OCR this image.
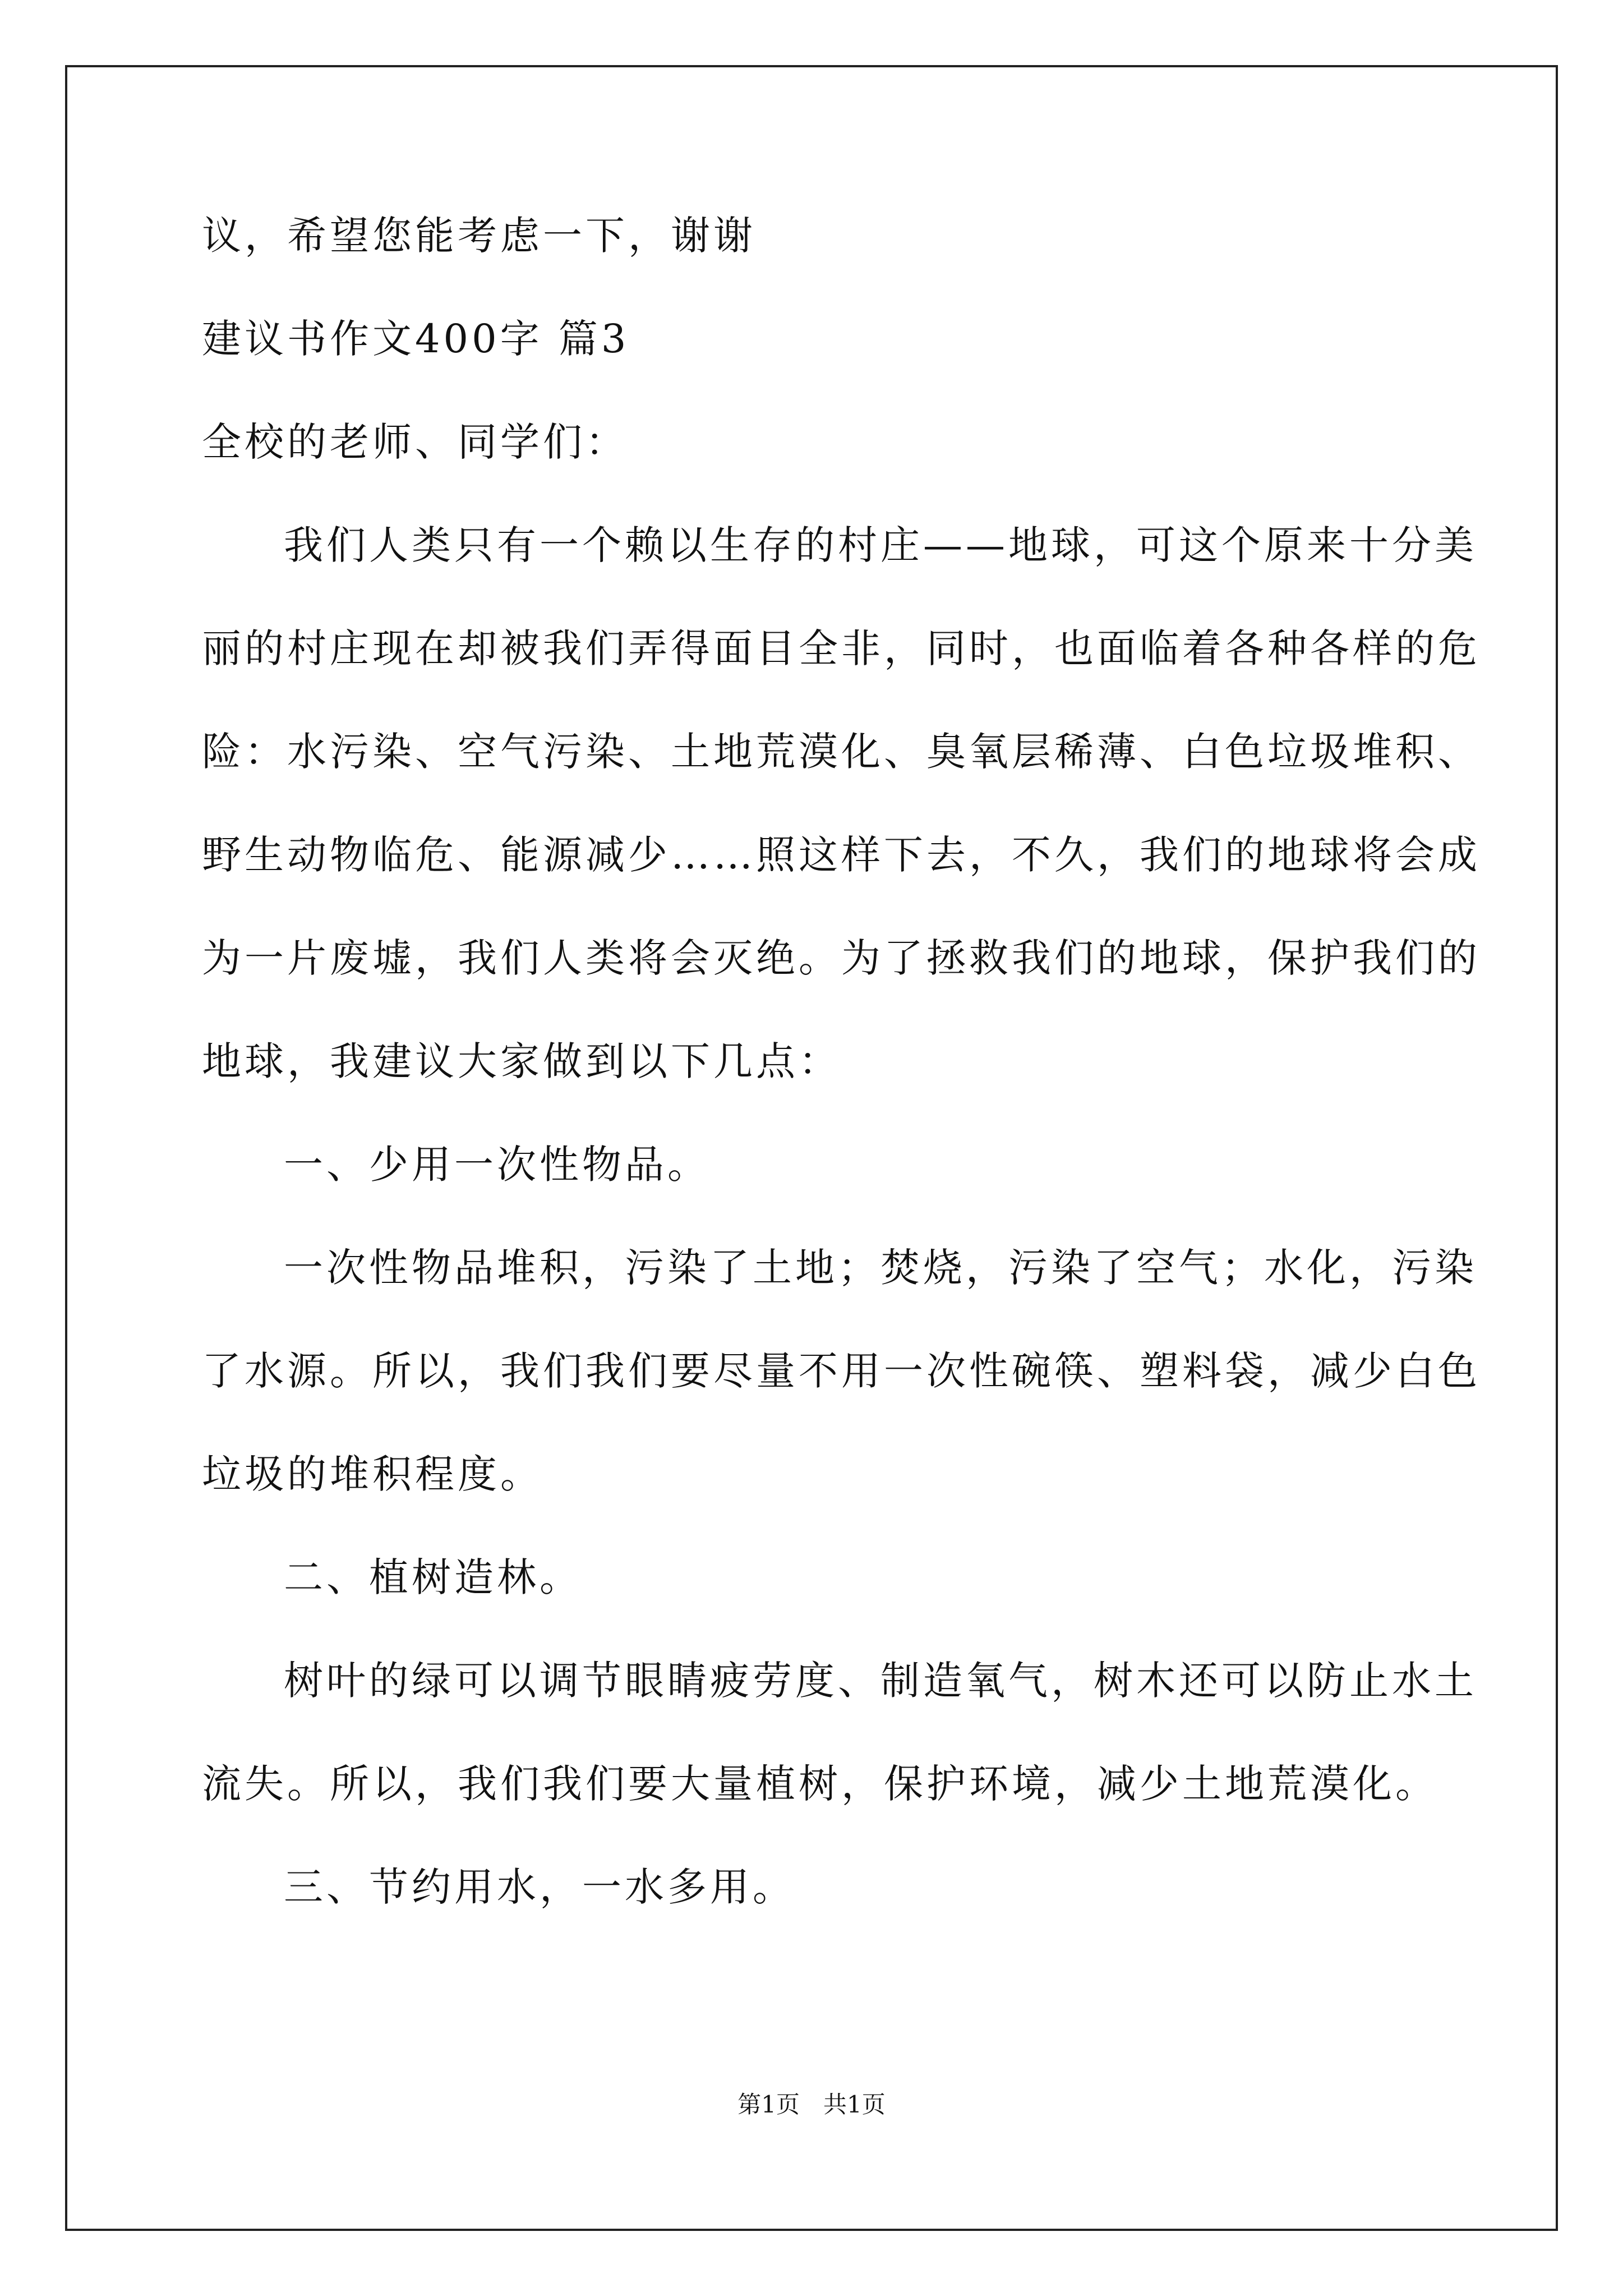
议，希望您能考虑一下，谢谢
建议书作文400字 篇3
全校的老师、同学们：
我们人类只有一个赖以生存的村庄——地球，可这个原来十分美
丽的村庄现在却被我们弄得面目全非，同时，也面临着各种各样的危
险：水污染、空气污染、土地荒漠化、臭氧层稀薄、白色垃圾堆积、
野生动物临危、能源减少……照这样下去，不久，我们的地球将会成
为一片废墟，我们人类将会灭绝。为了拯救我们的地球，保护我们的
地球，我建议大家做到以下几点：
一、少用一次性物品。
一次性物品堆积，污染了土地；焚烧，污染了空气；水化，污染
了水源。所以，我们我们要尽量不用一次性碗筷、塑料袋，减少白色
垃圾的堆积程度。
二、植树造林。
树叶的绿可以调节眼睛疲劳度、制造氧气，树木还可以防止水土
流失。所以，我们我们要大量植树，保护环境，减少土地荒漠化。
三、节约用水，一水多用。
第1页　共1页
